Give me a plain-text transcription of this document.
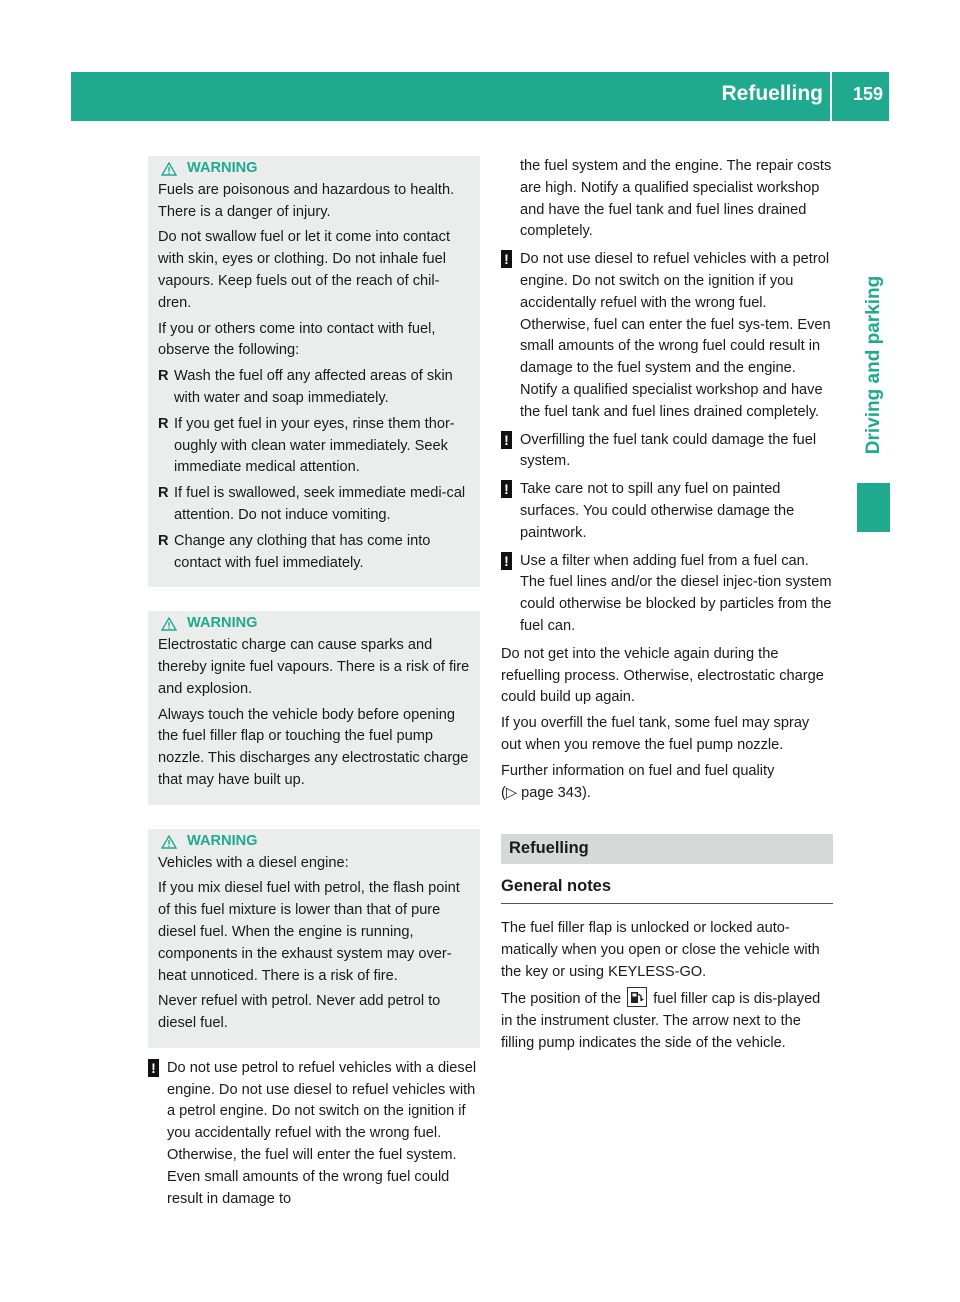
Refuelling 159
Driving and parking
WARNING

Fuels are poisonous and hazardous to health. There is a danger of injury.

Do not swallow fuel or let it come into contact with skin, eyes or clothing. Do not inhale fuel vapours. Keep fuels out of the reach of chil-dren.

If you or others come into contact with fuel, observe the following:

R Wash the fuel off any affected areas of skin with water and soap immediately.
R If you get fuel in your eyes, rinse them thor-oughly with clean water immediately. Seek immediate medical attention.
R If fuel is swallowed, seek immediate medi-cal attention. Do not induce vomiting.
R Change any clothing that has come into contact with fuel immediately.
WARNING

Electrostatic charge can cause sparks and thereby ignite fuel vapours. There is a risk of fire and explosion.

Always touch the vehicle body before opening the fuel filler flap or touching the fuel pump nozzle. This discharges any electrostatic charge that may have built up.

WARNING

Vehicles with a diesel engine:

If you mix diesel fuel with petrol, the flash point of this fuel mixture is lower than that of pure diesel fuel. When the engine is running, components in the exhaust system may over-heat unnoticed. There is a risk of fire.

Never refuel with petrol. Never add petrol to diesel fuel.

! Do not use petrol to refuel vehicles with a diesel engine. Do not use diesel to refuel vehicles with a petrol engine. Do not switch on the ignition if you accidentally refuel with the wrong fuel. Otherwise, the fuel will enter the fuel system. Even small amounts of the wrong fuel could result in damage to

the fuel system and the engine. The repair costs are high. Notify a qualified specialist workshop and have the fuel tank and fuel lines drained completely.

! Do not use diesel to refuel vehicles with a petrol engine. Do not switch on the ignition if you accidentally refuel with the wrong fuel. Otherwise, fuel can enter the fuel sys-tem. Even small amounts of the wrong fuel could result in damage to the fuel system and the engine. Notify a qualified specialist workshop and have the fuel tank and fuel lines drained completely.
! Overfilling the fuel tank could damage the fuel system.
! Take care not to spill any fuel on painted surfaces. You could otherwise damage the paintwork.
! Use a filter when adding fuel from a fuel can. The fuel lines and/or the diesel injec-tion system could otherwise be blocked by particles from the fuel can.

Do not get into the vehicle again during the refuelling process. Otherwise, electrostatic charge could build up again.

If you overfill the fuel tank, some fuel may spray out when you remove the fuel pump nozzle.

Further information on fuel and fuel quality
(▷ page 343).

Refuelling
General notes

The fuel filler flap is unlocked or locked auto-matically when you open or close the vehicle with the key or using KEYLESS-GO.

The position of the fuel filler cap is dis-played in the instrument cluster. The arrow next to the filling pump indicates the side of the vehicle.
